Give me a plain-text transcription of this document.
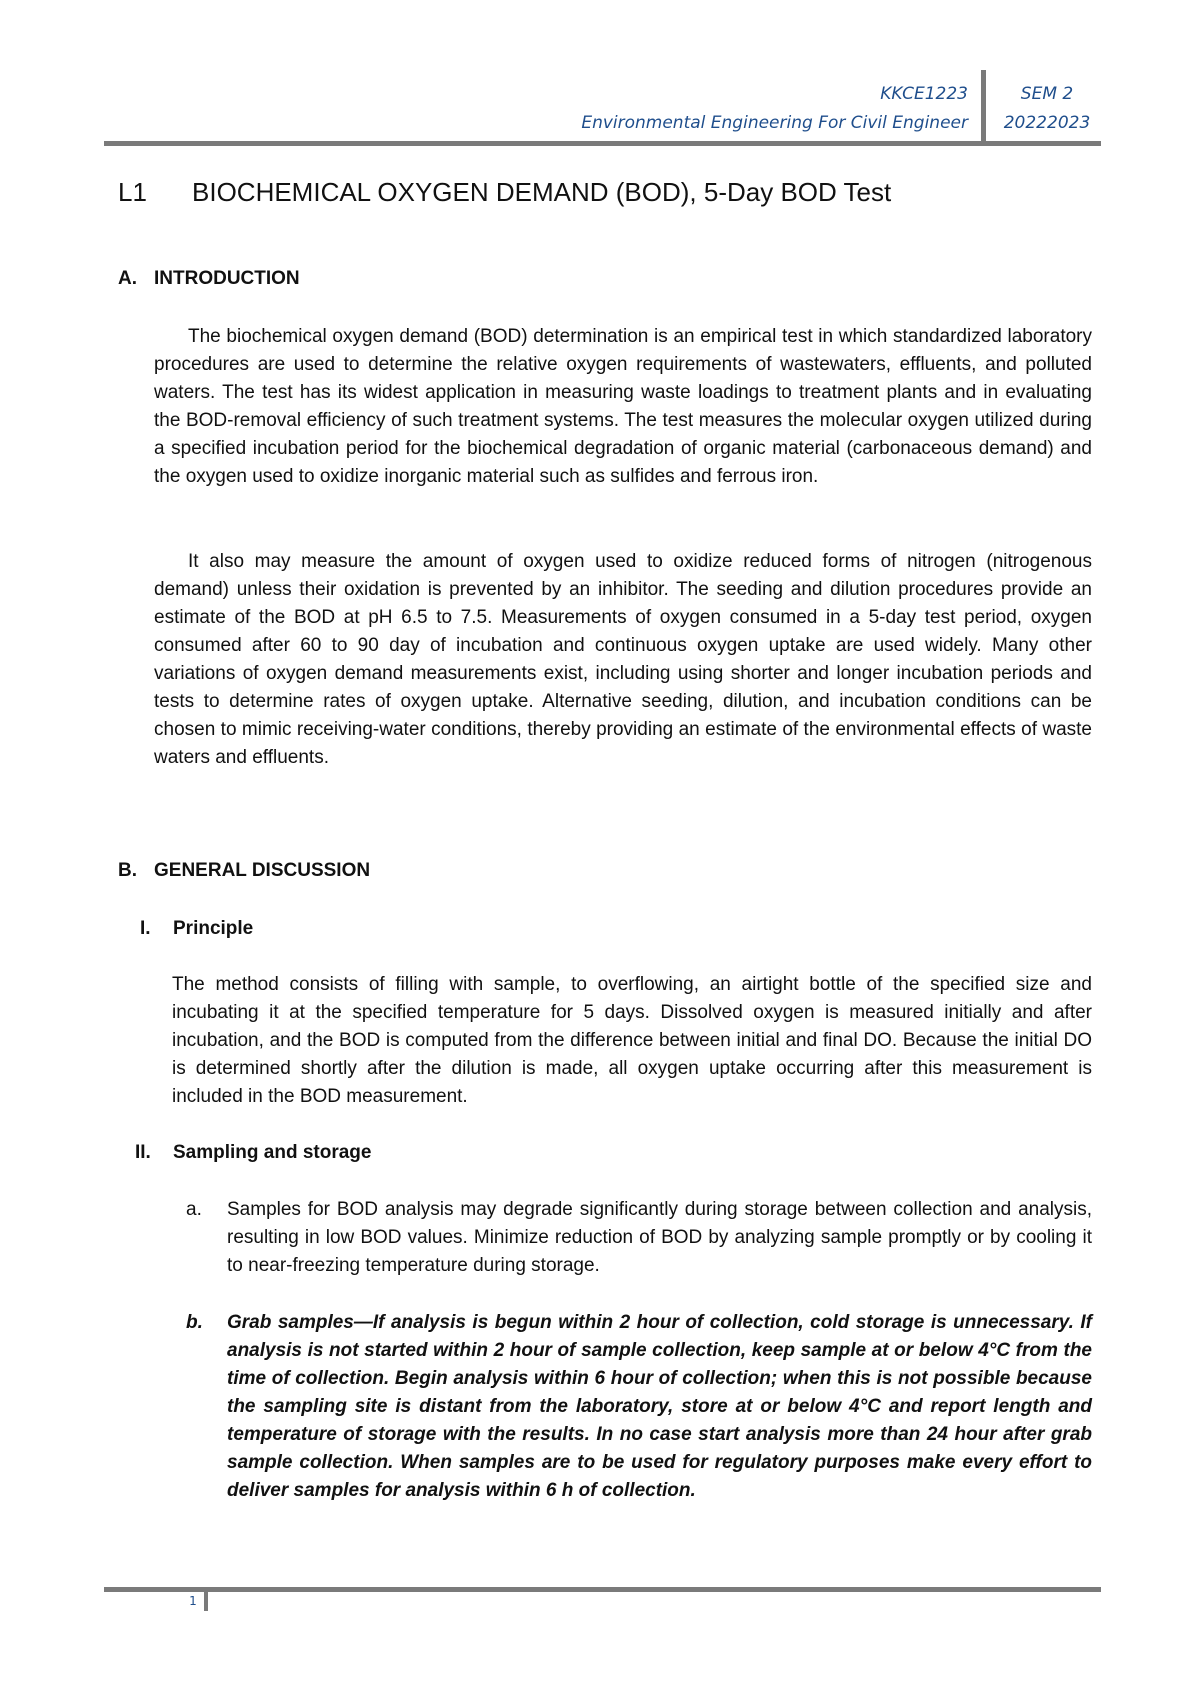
KKCE1223
Environmental Engineering For Civil Engineer
SEM 2
20222023
L1 BIOCHEMICAL OXYGEN DEMAND (BOD), 5-Day BOD Test
A. INTRODUCTION

The biochemical oxygen demand (BOD) determination is an empirical test in which standardized laboratory procedures are used to determine the relative oxygen requirements of wastewaters, effluents, and polluted waters. The test has its widest application in measuring waste loadings to treatment plants and in evaluating the BOD-removal efficiency of such treatment systems. The test measures the molecular oxygen utilized during a specified incubation period for the biochemical degradation of organic material (carbonaceous demand) and the oxygen used to oxidize inorganic material such as sulfides and ferrous iron.

It also may measure the amount of oxygen used to oxidize reduced forms of nitrogen (nitrogenous demand) unless their oxidation is prevented by an inhibitor. The seeding and dilution procedures provide an estimate of the BOD at pH 6.5 to 7.5. Measurements of oxygen consumed in a 5-day test period, oxygen consumed after 60 to 90 day of incubation and continuous oxygen uptake are used widely. Many other variations of oxygen demand measurements exist, including using shorter and longer incubation periods and tests to determine rates of oxygen uptake. Alternative seeding, dilution, and incubation conditions can be chosen to mimic receiving-water conditions, thereby providing an estimate of the environmental effects of waste waters and effluents.

B. GENERAL DISCUSSION
I. Principle

The method consists of filling with sample, to overflowing, an airtight bottle of the specified size and incubating it at the specified temperature for 5 days. Dissolved oxygen is measured initially and after incubation, and the BOD is computed from the difference between initial and final DO. Because the initial DO is determined shortly after the dilution is made, all oxygen uptake occurring after this measurement is included in the BOD measurement.

II. Sampling and storage
a. Samples for BOD analysis may degrade significantly during storage between collection and analysis, resulting in low BOD values. Minimize reduction of BOD by analyzing sample promptly or by cooling it to near-freezing temperature during storage.

b. Grab samples—If analysis is begun within 2 hour of collection, cold storage is unnecessary. If analysis is not started within 2 hour of sample collection, keep sample at or below 4°C from the time of collection. Begin analysis within 6 hour of collection; when this is not possible because the sampling site is distant from the laboratory, store at or below 4°C and report length and temperature of storage with the results. In no case start analysis more than 24 hour after grab sample collection. When samples are to be used for regulatory purposes make every effort to deliver samples for analysis within 6 h of collection.

1
